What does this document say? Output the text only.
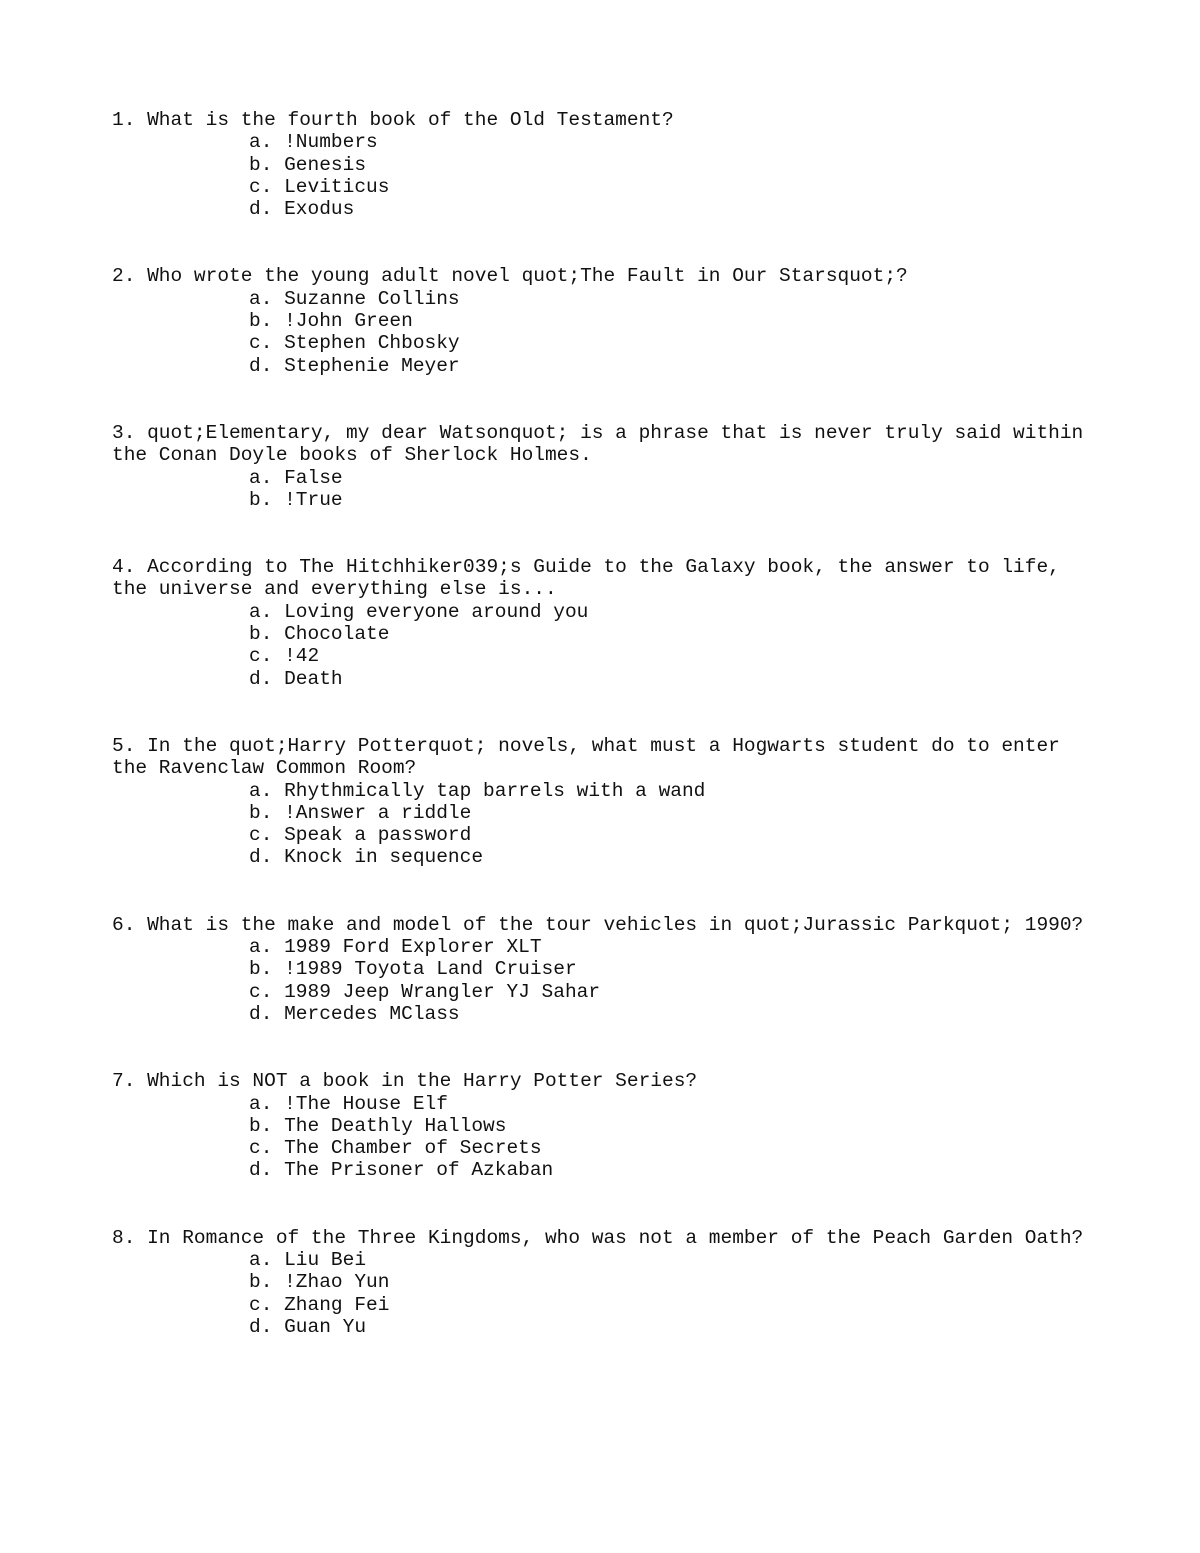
1. What is the fourth book of the Old Testament?
a. !Numbers
b. Genesis
c. Leviticus
d. Exodus
2. Who wrote the young adult novel quot;The Fault in Our Starsquot;?
a. Suzanne Collins
b. !John Green
c. Stephen Chbosky
d. Stephenie Meyer
3. quot;Elementary, my dear Watsonquot; is a phrase that is never truly said within the Conan Doyle books of Sherlock Holmes.
a. False
b. !True
4. According to The Hitchhiker039;s Guide to the Galaxy book, the answer to life, the universe and everything else is...
a. Loving everyone around you
b. Chocolate
c. !42
d. Death
5. In the quot;Harry Potterquot; novels, what must a Hogwarts student do to enter the Ravenclaw Common Room?
a. Rhythmically tap barrels with a wand
b. !Answer a riddle
c. Speak a password
d. Knock in sequence
6. What is the make and model of the tour vehicles in quot;Jurassic Parkquot; 1990?
a. 1989 Ford Explorer XLT
b. !1989 Toyota Land Cruiser
c. 1989 Jeep Wrangler YJ Sahar
d. Mercedes MClass
7. Which is NOT a book in the Harry Potter Series?
a. !The House Elf
b. The Deathly Hallows
c. The Chamber of Secrets
d. The Prisoner of Azkaban
8. In Romance of the Three Kingdoms, who was not a member of the Peach Garden Oath?
a. Liu Bei
b. !Zhao Yun
c. Zhang Fei
d. Guan Yu
